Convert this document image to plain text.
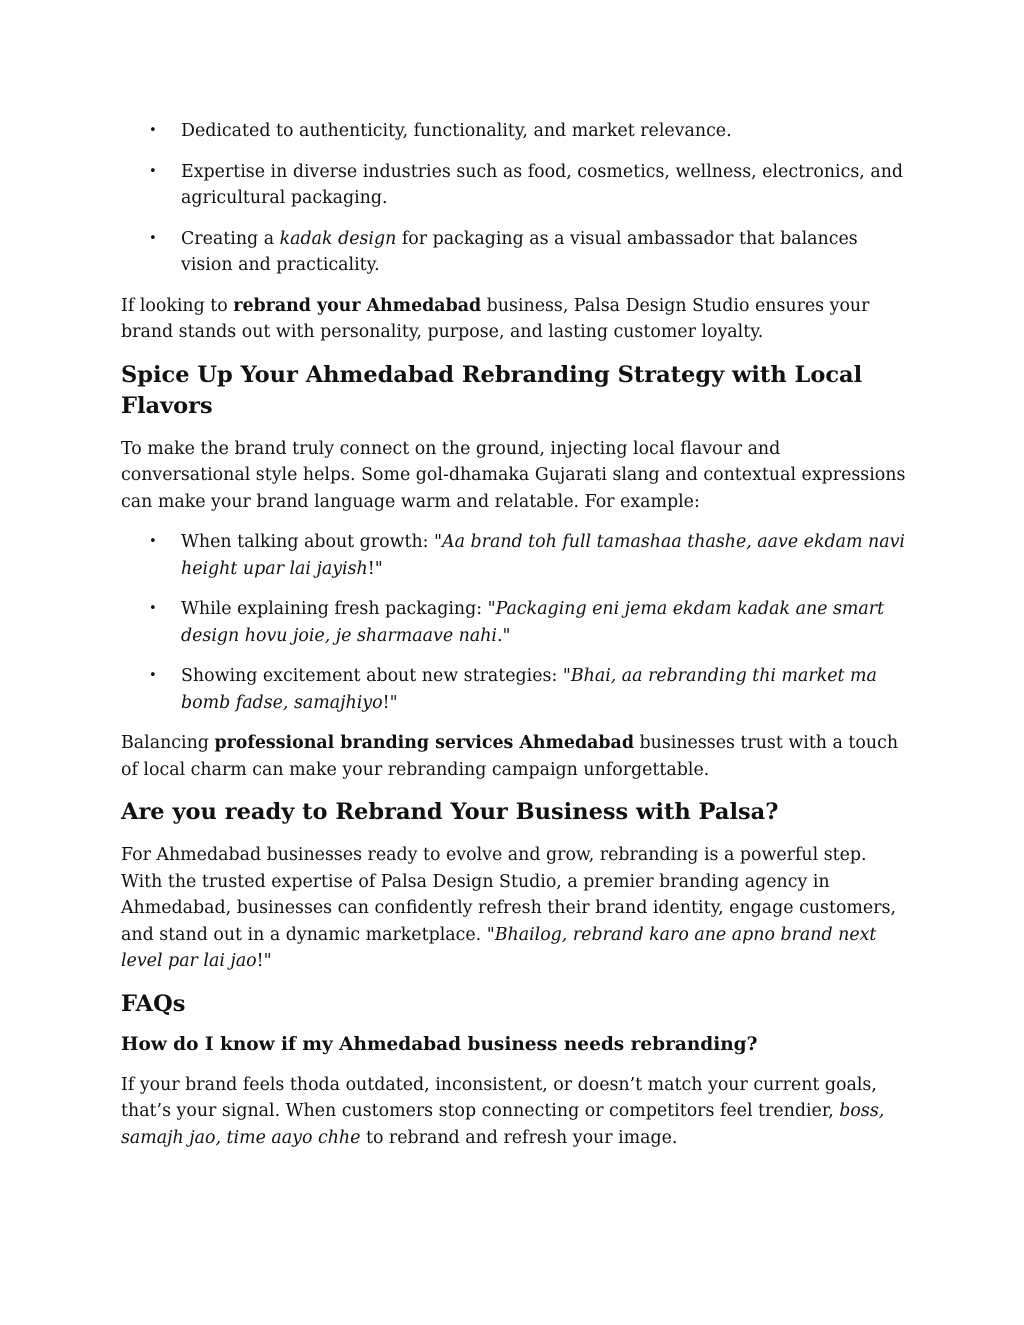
• Dedicated to authenticity, functionality, and market relevance.
• Expertise in diverse industries such as food, cosmetics, wellness, electronics, and agricultural packaging.
• Creating a kadak design for packaging as a visual ambassador that balances vision and practicality.

If looking to rebrand your Ahmedabad business, Palsa Design Studio ensures your brand stands out with personality, purpose, and lasting customer loyalty.

Spice Up Your Ahmedabad Rebranding Strategy with Local Flavors

To make the brand truly connect on the ground, injecting local flavour and conversational style helps. Some gol-dhamaka Gujarati slang and contextual expressions can make your brand language warm and relatable. For example:

• When talking about growth: "Aa brand toh full tamashaa thashe, aave ekdam navi height upar lai jayish!"
• While explaining fresh packaging: "Packaging eni jema ekdam kadak ane smart design hovu joie, je sharmaave nahi."
• Showing excitement about new strategies: "Bhai, aa rebranding thi market ma bomb fadse, samajhiyo!"

Balancing professional branding services Ahmedabad businesses trust with a touch of local charm can make your rebranding campaign unforgettable.

Are you ready to Rebrand Your Business with Palsa?

For Ahmedabad businesses ready to evolve and grow, rebranding is a powerful step. With the trusted expertise of Palsa Design Studio, a premier branding agency in Ahmedabad, businesses can confidently refresh their brand identity, engage customers, and stand out in a dynamic marketplace. "Bhailog, rebrand karo ane apno brand next level par lai jao!"

FAQs
How do I know if my Ahmedabad business needs rebranding?

If your brand feels thoda outdated, inconsistent, or doesn’t match your current goals, that’s your signal. When customers stop connecting or competitors feel trendier, boss, samajh jao, time aayo chhe to rebrand and refresh your image.
